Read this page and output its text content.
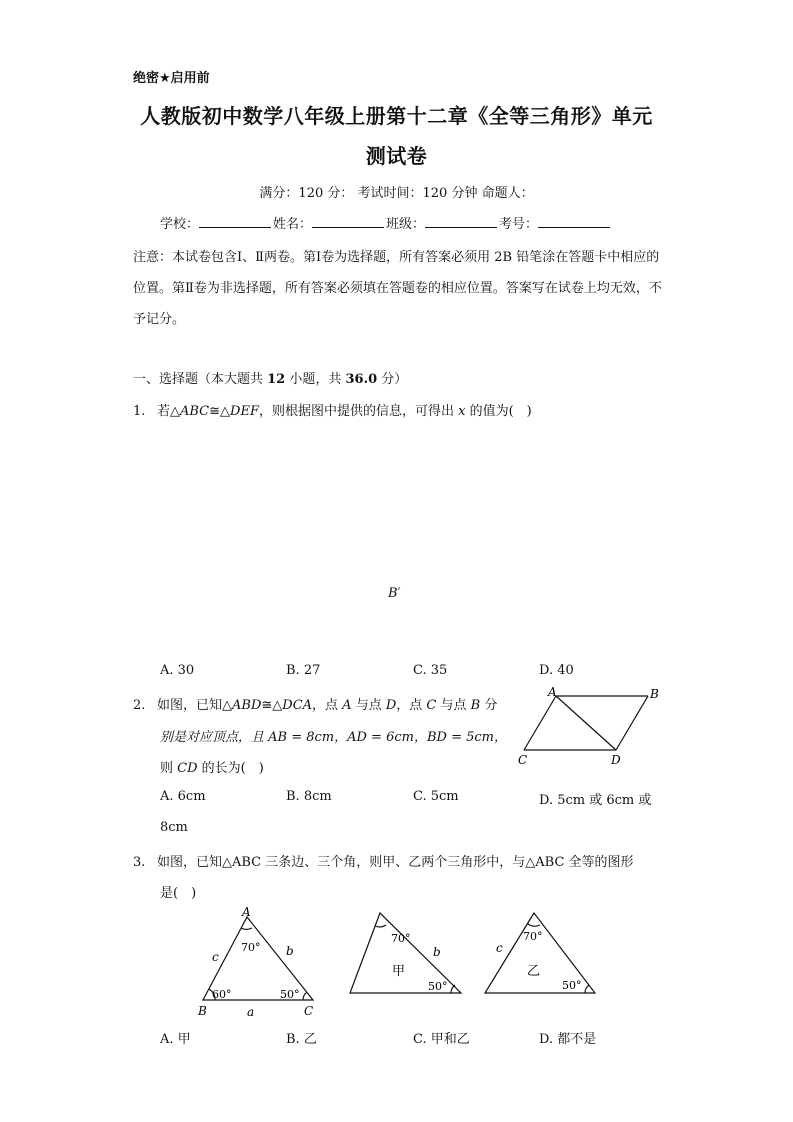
绝密★启用前
人教版初中数学八年级上册第十二章《全等三角形》单元
测试卷
满分：120 分： 考试时间：120 分钟 命题人：
学校：	姓名：	班级：	考号：
注意：本试卷包含Ⅰ、Ⅱ两卷。第Ⅰ卷为选择题，所有答案必须用 2B 铅笔涂在答题卡中相应的位置。第Ⅱ卷为非选择题，所有答案必须填在答题卷的相应位置。答案写在试卷上均无效，不予记分。
一、选择题（本大题共 12 小题，共 36.0 分）
1. 若△ABC≅△DEF，则根据图中提供的信息，可得出 x 的值为(　)
B′
A. 30	B. 27	C. 35	D. 40
2. 如图，已知△ABD≅△DCA，点 A 与点 D，点 C 与点 B 分
别是对应顶点，且 AB = 8cm，AD = 6cm，BD = 5cm，
则 CD 的长为(　)
A	B
C	D
A. 6cm	B. 8cm	C. 5cm	D. 5cm 或 6cm 或
8cm
3. 如图，已知△ABC 三条边、三个角，则甲、乙两个三角形中，与△ABC 全等的图形
是(　)
A
B	C
a
b
c
70°
60°	50°
70°
b
50°
甲
70°
c
50°
乙
A. 甲	B. 乙	C. 甲和乙	D. 都不是
